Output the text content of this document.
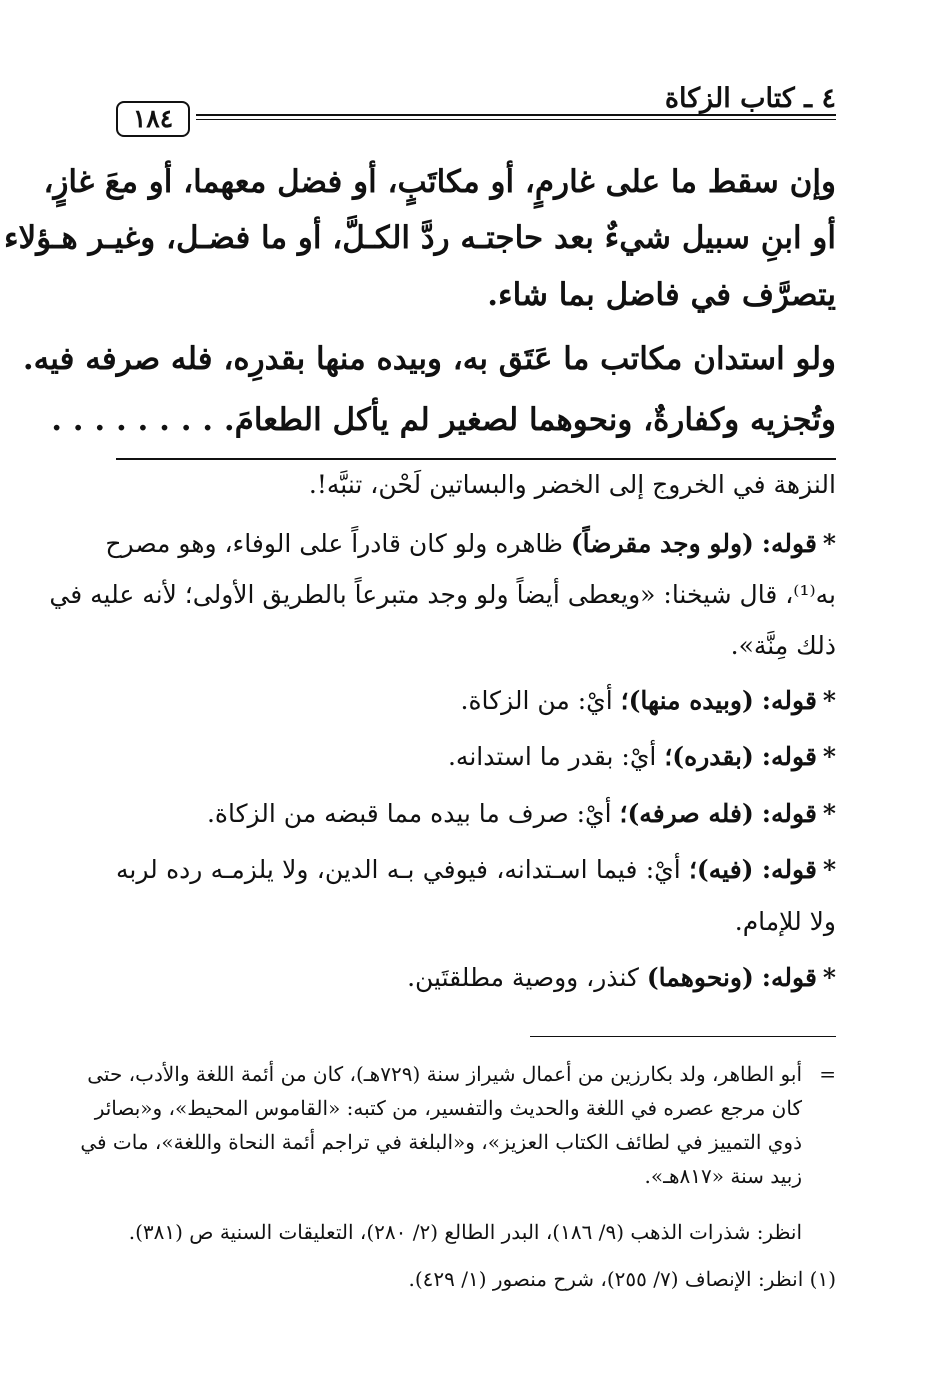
٤ ـ كتاب الزكاة
١٨٤
وإن سقط ما على غارمٍ، أو مكاتَبٍ، أو فضل معهما، أو معَ غازٍ،
أو ابنِ سبيل شيءٌ بعد حاجتـه ردَّ الكـلَّ، أو ما فضـل، وغيـر هـؤلاء
يتصرَّف في فاضل بما شاء.
ولو استدان مكاتب ما عَتَق به، وبيده منها بقدرِه، فله صرفه فيه.
وتُجزيه وكفارةٌ، ونحوهما لصغير لم يأكل الطعامَ. . . . . . . . .
النزهة في الخروج إلى الخضر والبساتين لَحْن، تنبَّه!.
*قوله: (ولو وجد مقرضاً) ظاهره ولو كان قادراً على الوفاء، وهو مصرح
به⁽¹⁾، قال شيخنا: «ويعطى أيضاً ولو وجد متبرعاً بالطريق الأولى؛ لأنه عليه في
ذلك مِنَّة».
*قوله: (وبيده منها)؛ أيْ: من الزكاة.
*قوله: (بقدره)؛ أيْ: بقدر ما استدانه.
*قوله: (فله صرفه)؛ أيْ: صرف ما بيده مما قبضه من الزكاة.
*قوله: (فيه)؛ أيْ: فيما اسـتدانه، فيوفي بـه الدين، ولا يلزمـه رده لربه
ولا للإمام.
*قوله: (ونحوهما) كنذر، ووصية مطلقتَين.
=
أبو الطاهر، ولد بكارزين من أعمال شيراز سنة (٧٢٩هـ)، كان من أئمة اللغة والأدب، حتى
كان مرجع عصره في اللغة والحديث والتفسير، من كتبه: «القاموس المحيط»، و«بصائر
ذوي التمييز في لطائف الكتاب العزيز»، و«البلغة في تراجم أئمة النحاة واللغة»، مات في
زبيد سنة «٨١٧هـ».
انظر: شذرات الذهب (٩/ ١٨٦)، البدر الطالع (٢/ ٢٨٠)، التعليقات السنية ص (٣٨١).
(١) انظر: الإنصاف (٧/ ٢٥٥)، شرح منصور (١/ ٤٢٩).
